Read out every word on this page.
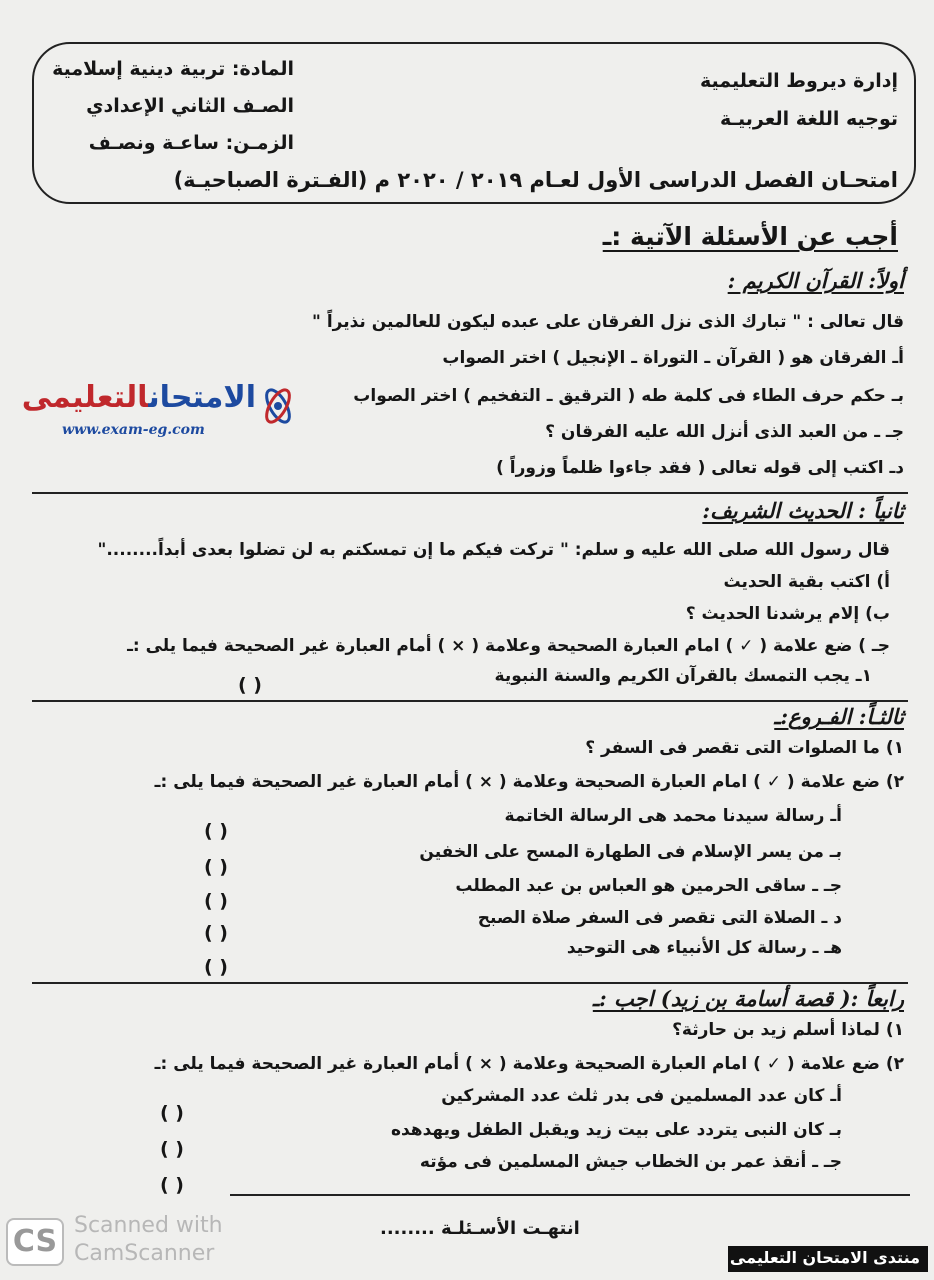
المادة: تربية دينية إسلامية
الصـف الثاني الإعدادي
الزمـن: ساعـة ونصـف
إدارة ديروط التعليمية
توجيه اللغة العربيـة
امتحـان الفصل الدراسى الأول لعـام ٢٠١٩ / ٢٠٢٠ م (الفـترة الصباحيـة)
أجب عن الأسئلة الآتية :ـ
أولاً: القرآن الكريم :
قال تعالى : " تبارك الذى نزل الفرقان على عبده ليكون للعالمين نذيراً "
أـ الفرقان هو ( القرآن ـ التوراة ـ الإنجيل ) اختر الصواب
بـ حكم حرف الطاء فى كلمة طه ( الترقيق ـ التفخيم ) اختر الصواب
جـ ـ من العبد الذى أنزل الله عليه الفرقان ؟
دـ اكتب إلى قوله تعالى ( فقد جاءوا ظلماً وزوراً )
الامتحانالتعليمى
www.exam-eg.com
ثانياً : الحديث الشريف:
قال رسول الله صلى الله عليه و سلم: " تركت فيكم ما إن تمسكتم به لن تضلوا بعدى أبداً........"
أ) اكتب بقية الحديث
ب) إلام يرشدنا الحديث ؟
جـ ) ضع علامة ( ✓ ) امام العبارة الصحيحة وعلامة ( × ) أمام العبارة غير الصحيحة فيما يلى :ـ
١ـ يجب التمسك بالقرآن الكريم والسنة النبوية
( )
ثالثـاً: الفـروع:ـ
١) ما الصلوات التى تقصر فى السفر ؟
٢) ضع علامة ( ✓ ) امام العبارة الصحيحة وعلامة ( × ) أمام العبارة غير الصحيحة فيما يلى :ـ
أـ رسالة سيدنا محمد هى الرسالة الخاتمة
بـ من يسر الإسلام فى الطهارة المسح على الخفين
جـ ـ ساقى الحرمين هو العباس بن عبد المطلب
د ـ الصلاة التى تقصر فى السفر صلاة الصبح
هـ ـ رسالة كل الأنبياء هى التوحيد
( )
( )
( )
( )
( )
رابعاً :( قصة أسامة بن زيد) اجب :ـ
١) لماذا أسلم زيد بن حارثة؟
٢) ضع علامة ( ✓ ) امام العبارة الصحيحة وعلامة ( × ) أمام العبارة غير الصحيحة فيما يلى :ـ
أـ كان عدد المسلمين فى بدر ثلث عدد المشركين
بـ كان النبى يتردد على بيت زيد ويقبل الطفل ويهدهده
جـ ـ أنقذ عمر بن الخطاب جيش المسلمين فى مؤته
( )
( )
( )
انتهـت الأسـئلـة ........
CS Scanned with
CamScanner	منتدى الامتحان التعليمى
